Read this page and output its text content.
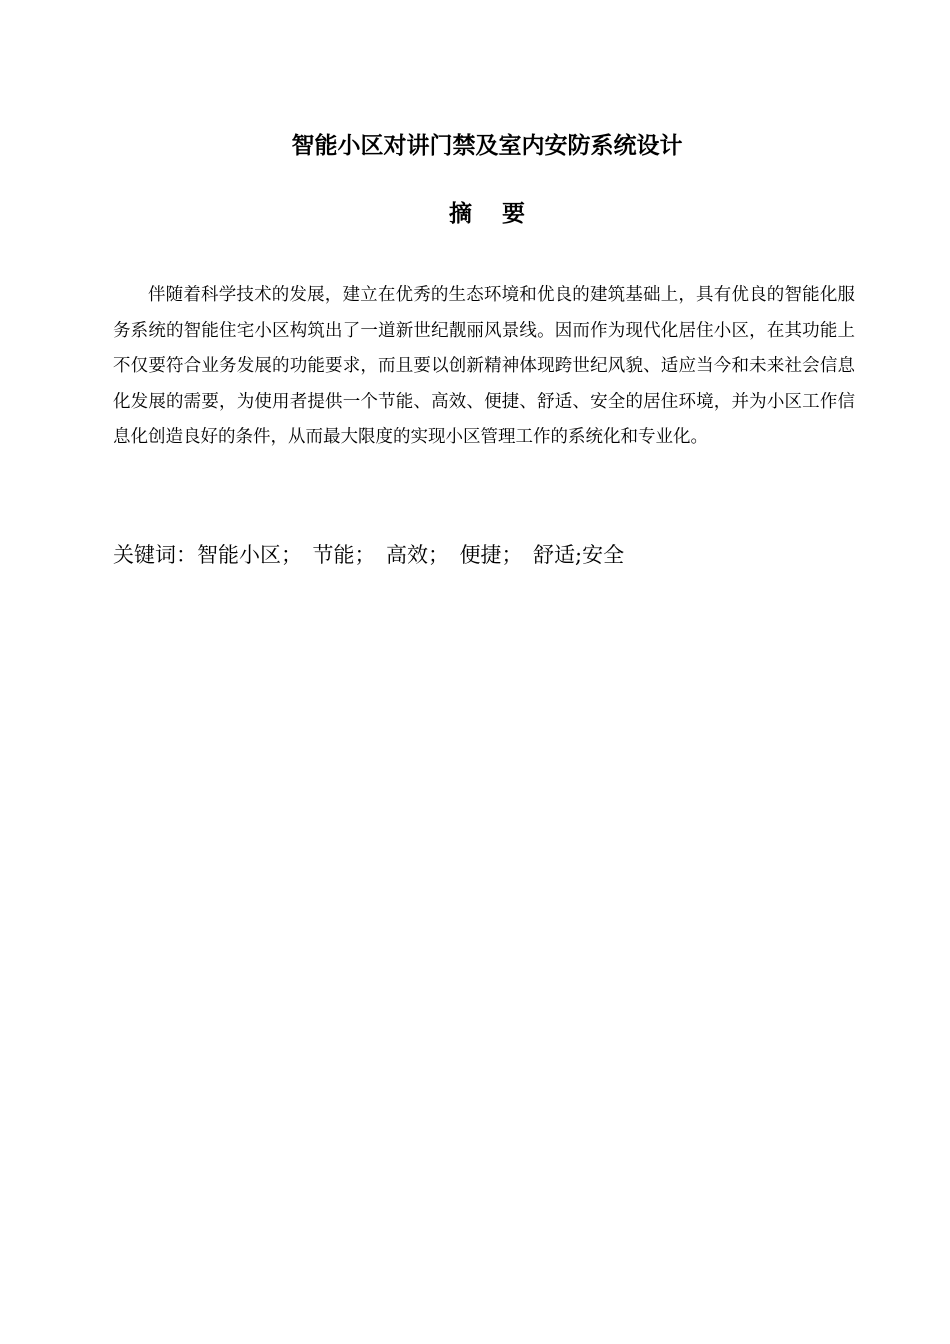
智能小区对讲门禁及室内安防系统设计
摘要

伴随着科学技术的发展，建立在优秀的生态环境和优良的建筑基础上，具有优良的智能化服务系统的智能住宅小区构筑出了一道新世纪靓丽风景线。因而作为现代化居住小区，在其功能上不仅要符合业务发展的功能要求，而且要以创新精神体现跨世纪风貌、适应当今和未来社会信息化发展的需要，为使用者提供一个节能、高效、便捷、舒适、安全的居住环境，并为小区工作信息化创造良好的条件，从而最大限度的实现小区管理工作的系统化和专业化。

关键词：智能小区；　节能；　高效；　便捷；　舒适;安全
